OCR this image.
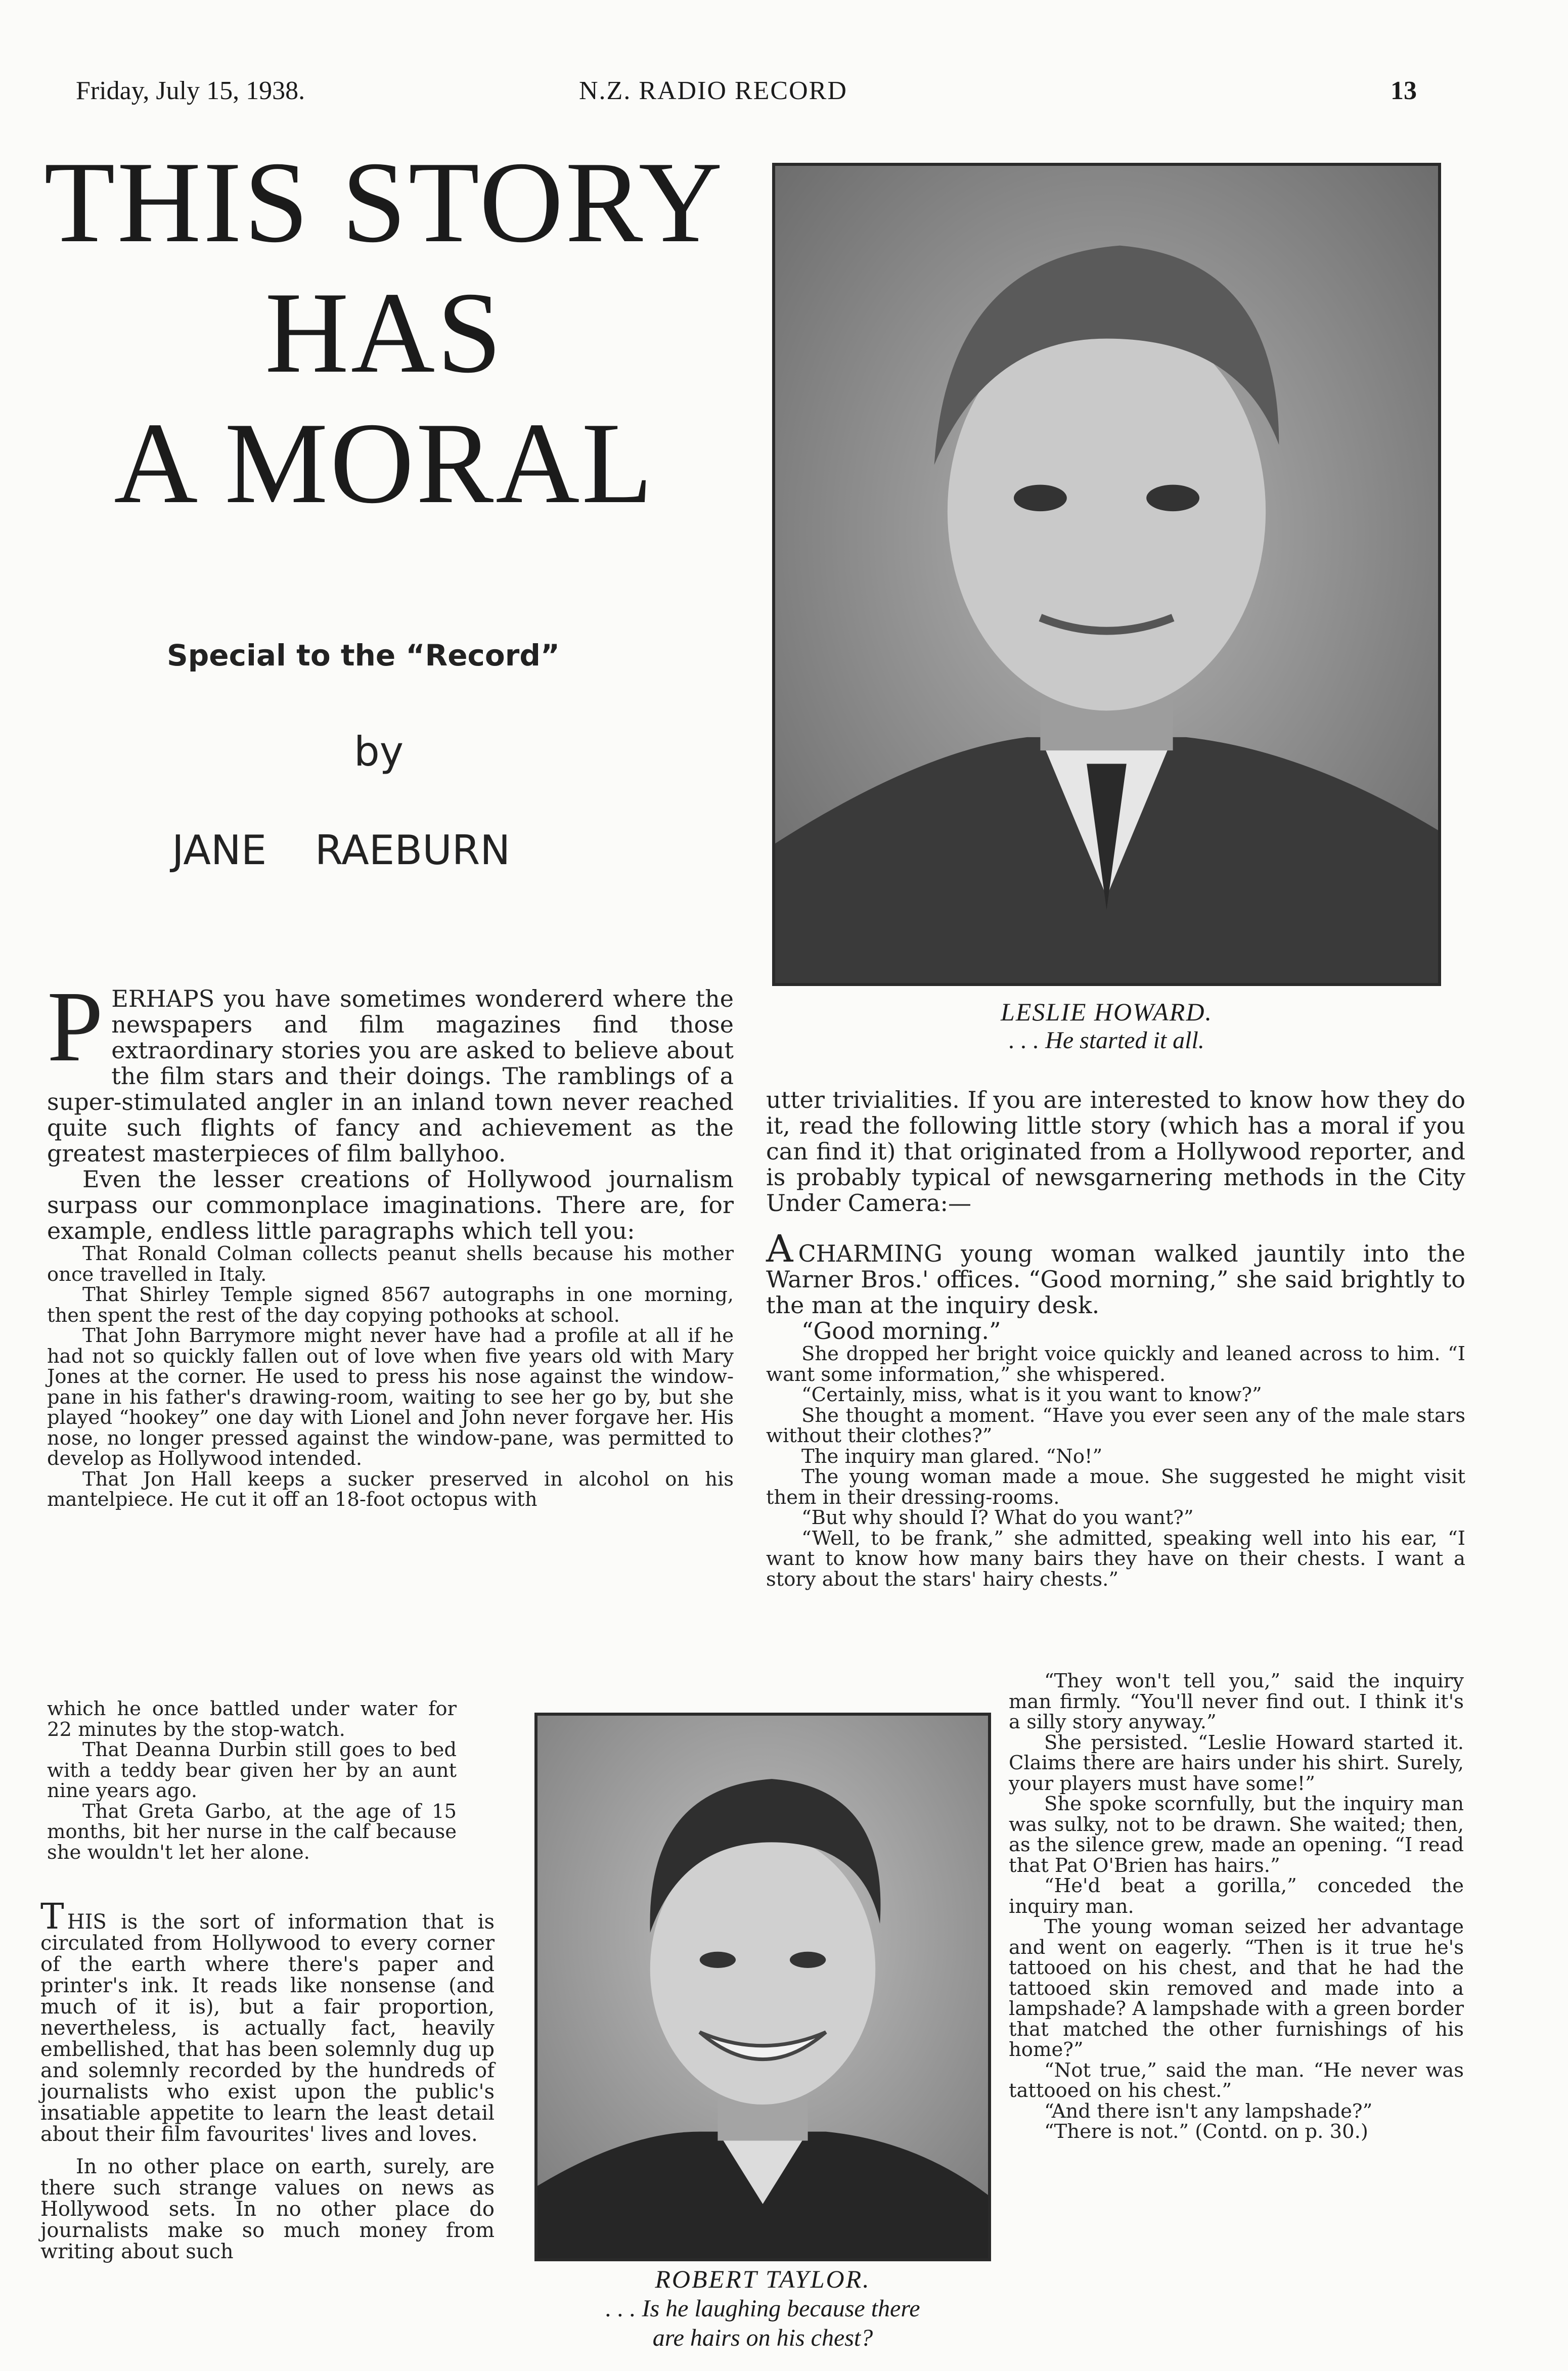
Friday, July 15, 1938.	N.Z. RADIO RECORD	13
THIS STORY
HAS
A MORAL
Special to the “Record”
by
JANE RAEBURN
LESLIE HOWARD.
. . . He started it all.

PERHAPS you have sometimes wondererd where the newspapers and film magazines find those extraordinary stories you are asked to believe about the film stars and their doings. The ramblings of a super-stimulated angler in an inland town never reached quite such flights of fancy and achievement as the greatest masterpieces of film ballyhoo.

Even the lesser creations of Hollywood journalism surpass our commonplace imaginations. There are, for example, endless little paragraphs which tell you:

That Ronald Colman collects peanut shells because his mother once travelled in Italy.

That Shirley Temple signed 8567 autographs in one morning, then spent the rest of the day copying pothooks at school.

That John Barrymore might never have had a profile at all if he had not so quickly fallen out of love when five years old with Mary Jones at the corner. He used to press his nose against the window-pane in his father's drawing-room, waiting to see her go by, but she played “hookey” one day with Lionel and John never forgave her. His nose, no longer pressed against the window-pane, was permitted to develop as Hollywood intended.

That Jon Hall keeps a sucker preserved in alcohol on his mantelpiece. He cut it off an 18-foot octopus with

which he once battled under water for 22 minutes by the stop-watch.

That Deanna Durbin still goes to bed with a teddy bear given her by an aunt nine years ago.

That Greta Garbo, at the age of 15 months, bit her nurse in the calf because she wouldn't let her alone.

THIS is the sort of information that is circulated from Hollywood to every corner of the earth where there's paper and printer's ink. It reads like nonsense (and much of it is), but a fair proportion, nevertheless, is actually fact, heavily embellished, that has been solemnly dug up and solemnly recorded by the hundreds of journalists who exist upon the public's insatiable appetite to learn the least detail about their film favourites' lives and loves.

In no other place on earth, surely, are there such strange values on news as Hollywood sets. In no other place do journalists make so much money from writing about such

ROBERT TAYLOR.
. . . Is he laughing because there
are hairs on his chest?

utter trivialities. If you are interested to know how they do it, read the following little story (which has a moral if you can find it) that originated from a Hollywood reporter, and is probably typical of newsgarnering methods in the City Under Camera:—

ACHARMING young woman walked jauntily into the Warner Bros.' offices. “Good morning,” she said brightly to the man at the inquiry desk.

“Good morning.”

She dropped her bright voice quickly and leaned across to him. “I want some information,” she whispered.

“Certainly, miss, what is it you want to know?”

She thought a moment. “Have you ever seen any of the male stars without their clothes?”

The inquiry man glared. “No!”

The young woman made a moue. She suggested he might visit them in their dressing-rooms.

“But why should I? What do you want?”

“Well, to be frank,” she admitted, speaking well into his ear, “I want to know how many bairs they have on their chests. I want a story about the stars' hairy chests.”

“They won't tell you,” said the inquiry man firmly. “You'll never find out. I think it's a silly story anyway.”

She persisted. “Leslie Howard started it. Claims there are hairs under his shirt. Surely, your players must have some!”

She spoke scornfully, but the inquiry man was sulky, not to be drawn. She waited; then, as the silence grew, made an opening. “I read that Pat O'Brien has hairs.”

“He'd beat a gorilla,” conceded the inquiry man.

The young woman seized her advantage and went on eagerly. “Then is it true he's tattooed on his chest, and that he had the tattooed skin removed and made into a lampshade? A lampshade with a green border that matched the other furnishings of his home?”

“Not true,” said the man. “He never was tattooed on his chest.”

“And there isn't any lampshade?”

“There is not.” (Contd. on p. 30.)
